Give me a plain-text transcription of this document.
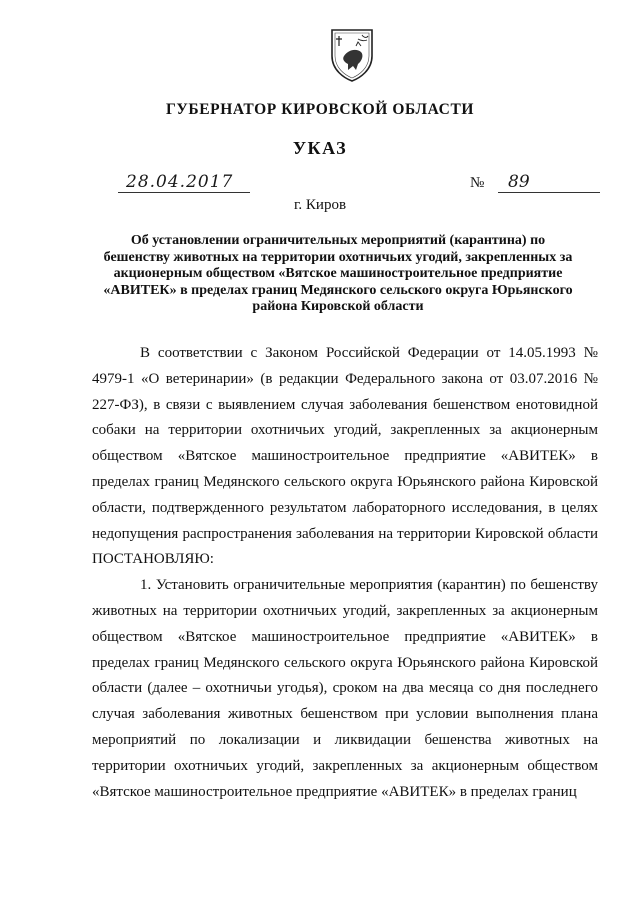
ГУБЕРНАТОР КИРОВСКОЙ ОБЛАСТИ
УКАЗ
28.04.2017	№ 89
г. Киров
Об установлении ограничительных мероприятий (карантина) по бешенству животных на территории охотничьих угодий, закрепленных за акционерным обществом «Вятское машиностроительное предприятие «АВИТЕК» в пределах границ Медянского сельского округа Юрьянского района Кировской области

В соответствии с Законом Российской Федерации от 14.05.1993 № 4979-1 «О ветеринарии» (в редакции Федерального закона от 03.07.2016 № 227-ФЗ), в связи с выявлением случая заболевания бешенством енотовидной собаки на территории охотничьих угодий, закрепленных за акционерным обществом «Вятское машиностроительное предприятие «АВИТЕК» в пределах границ Медянского сельского округа Юрьянского района Кировской области, подтвержденного результатом лабораторного исследования, в целях недопущения распространения заболевания на территории Кировской области ПОСТАНОВЛЯЮ:

1. Установить ограничительные мероприятия (карантин) по бешенству животных на территории охотничьих угодий, закрепленных за акционерным обществом «Вятское машиностроительное предприятие «АВИТЕК» в пределах границ Медянского сельского округа Юрьянского района Кировской области (далее – охотничьи угодья), сроком на два месяца со дня последнего случая заболевания животных бешенством при условии выполнения плана мероприятий по локализации и ликвидации бешенства животных на территории охотничьих угодий, закрепленных за акционерным обществом «Вятское машиностроительное предприятие «АВИТЕК» в пределах границ
